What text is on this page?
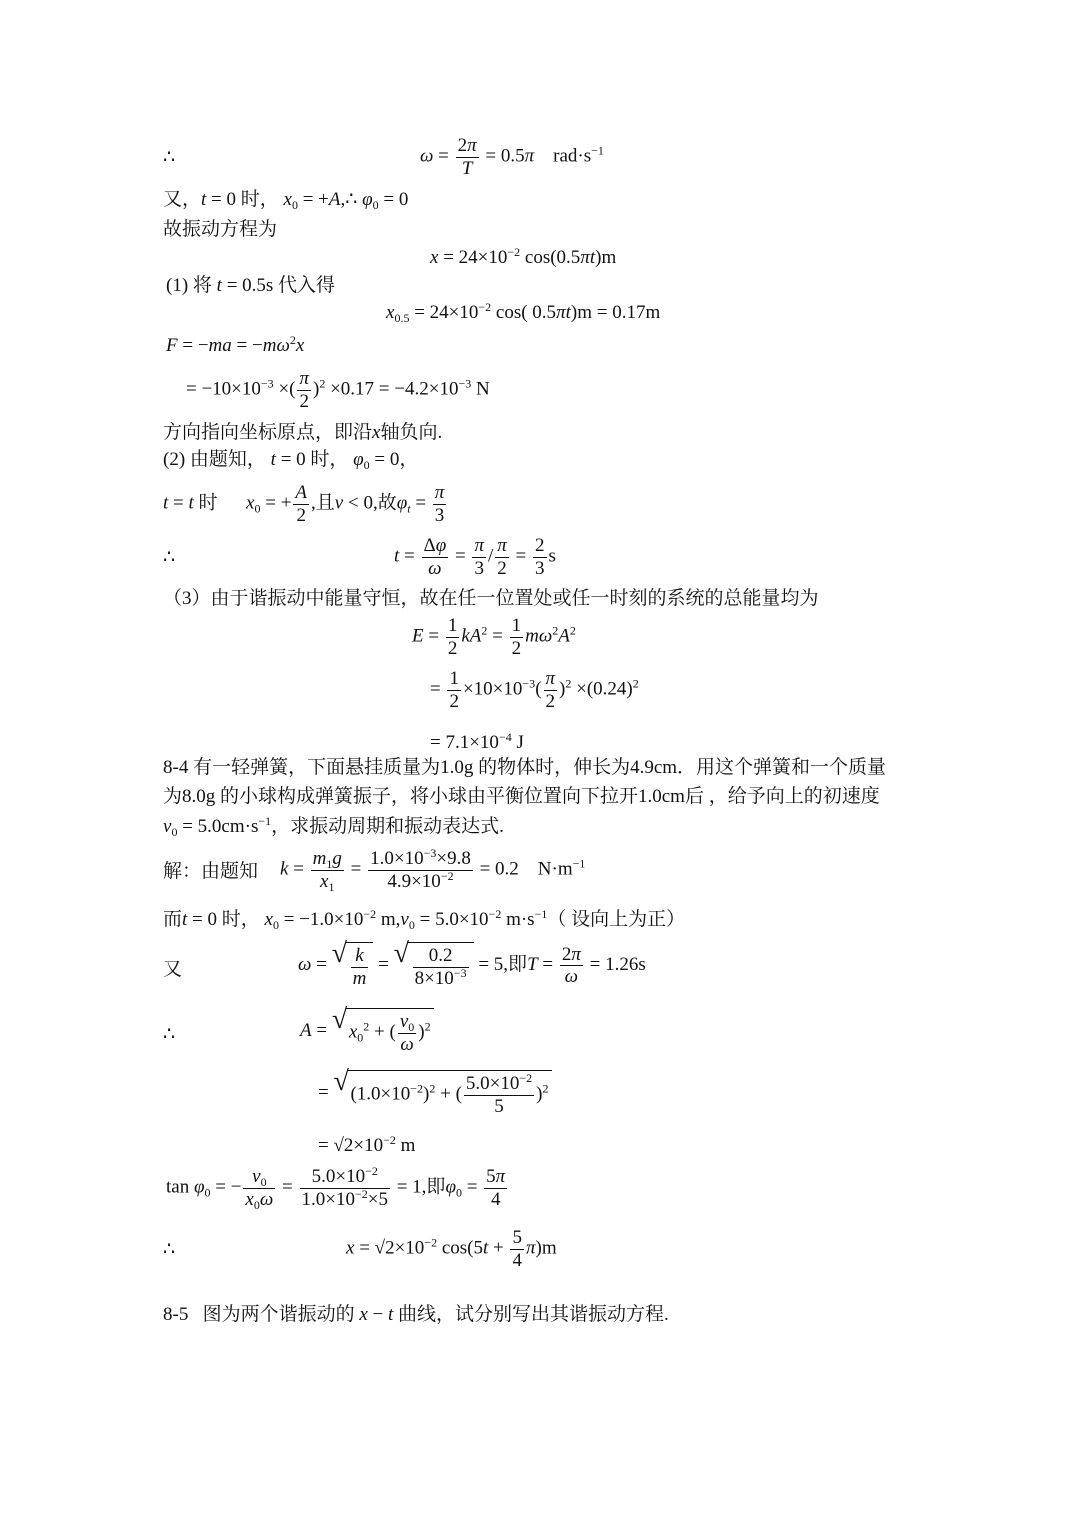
∴	$\omega = \frac{2\pi}{T} = 0.5\pi$    $rad\cdot s^{-1}$
又，t = 0 时， $x_0$ = +A,∴ $\varphi_0 = 0$
故振动方程为
$x = 24\times 10^{-2}$ cos(0.5πt)m
(1) 将 t = 0.5s 代入得
$x_{0.5} = 24\times 10^{-2}$ cos( 0.5πt)m = 0.17m
$F = -ma = -m\omega^2x$
= $-10\times 10^{-3}$ ×( $\frac{\pi}{2} )^2 \times 0.17 = -4.2\times 10^{-3}$ N
方向指向坐标原点，即沿x轴负向.
(2) 由题知， t = 0 时， $\varphi_0 = 0$，
t = t 时      $x_0$ = + $\frac{A}{2}$ ,且v < 0,故$\varphi_t = \frac{\pi}{3}$
∴	$t = \frac{\Delta\varphi}{\omega} = \frac{\pi}{3} / \frac{\pi}{2} = \frac{2}{3}$ s
（3）由于谐振动中能量守恒，故在任一位置处或任一时刻的系统的总能量均为
$E = \frac{1}{2} kA^2 = \frac{1}{2} m\omega^2A^2$
= $\frac{1}{2} \times 10\times 10^{-3}( \frac{\pi}{2} )^2 \times(0.24)^2$
= $7.1\times 10^{-4}$ J
8-4 有一轻弹簧，下面悬挂质量为1.0g 的物体时，伸长为4.9cm．用这个弹簧和一个质量
为8.0g 的小球构成弹簧振子，将小球由平衡位置向下拉开1.0cm后 ，给予向上的初速度
$v_0 = 5.0cm\cdot s^{-1}$，求振动周期和振动表达式.
解：由题知 $k = \frac{m_1g}{x_1} = \frac{1.0\times 10^{-3}\times 9.8}{4.9\times 10^{-2}} = 0.2$    $N\cdot m^{-1}$
而t = 0 时， $x_0 = -1.0\times 10^{-2}$ $m,v_0 = 5.0\times 10^{-2}$ $m\cdot s^{-1}$（ 设向上为正）
又	ω = √ $\frac{k}{m}$ = √ $\frac{0.2}{8\times 10^{-3}} = 5$,即$T = \frac{2\pi}{\omega} = 1.26s$
∴	A = √ $x_0^2$ + ( $\frac{v_0}{\omega} )^2$
= √ $(1.0\times 10^{-2})^2$ + ( $\frac{5.0\times 10^{-2}}{5} )^2$
= $√2\times 10^{-2}$ m
$\tan \varphi_0$ = − $\frac{v_0}{x_0\omega} = \frac{5.0\times 10^{-2}}{1.0\times 10^{-2}\times 5} = 1$,即$\varphi_0 = \frac{5\pi}{4}$
∴	$x = √2\times 10^{-2}$ $\cos(5t + \frac{5}{4} \pi)m$
8-5   图为两个谐振动的 x − t 曲线，试分别写出其谐振动方程.
